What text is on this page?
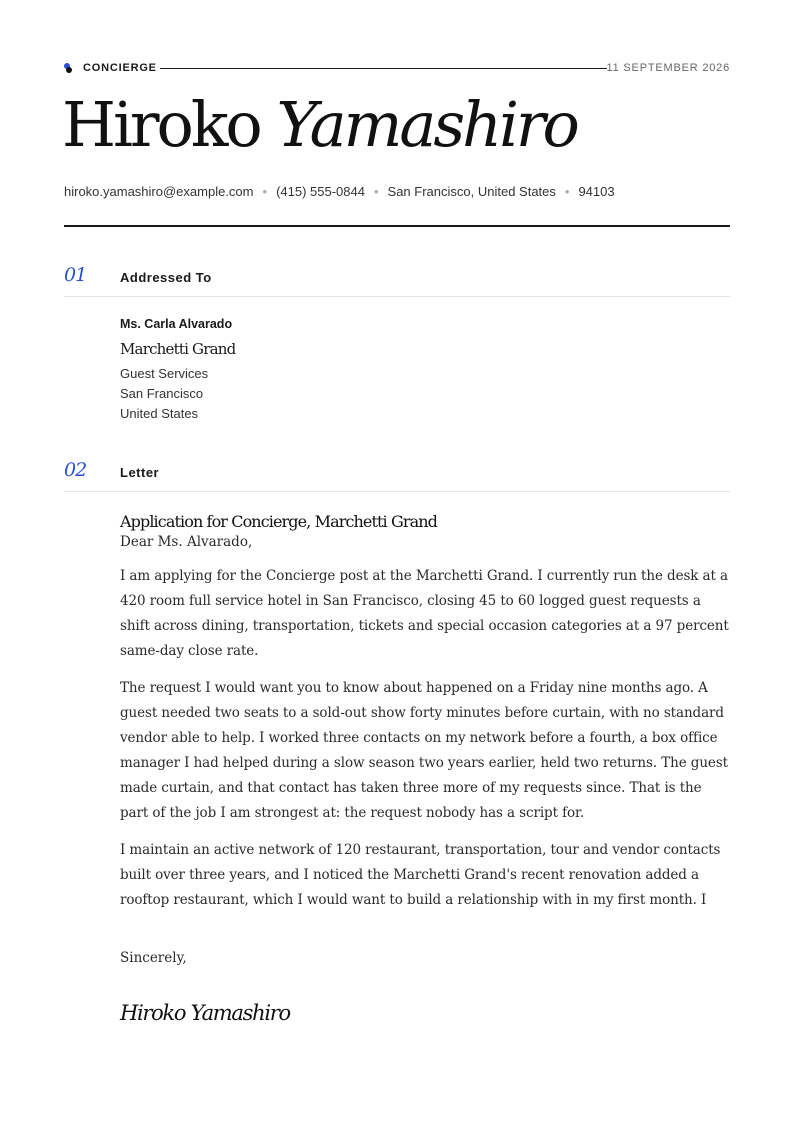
CONCIERGE	11 SEPTEMBER 2026
Hiroko Yamashiro
hiroko.yamashiro@example.com • (415) 555-0844 • San Francisco, United States • 94103
01	Addressed To
Ms. Carla Alvarado
Marchetti Grand
Guest Services
San Francisco
United States
02	Letter
Application for Concierge, Marchetti Grand
Dear Ms. Alvarado,

I am applying for the Concierge post at the Marchetti Grand. I currently run the desk at a 420 room full service hotel in San Francisco, closing 45 to 60 logged guest requests a shift across dining, transportation, tickets and special occasion categories at a 97 percent same-day close rate.

The request I would want you to know about happened on a Friday nine months ago. A guest needed two seats to a sold-out show forty minutes before curtain, with no standard vendor able to help. I worked three contacts on my network before a fourth, a box office manager I had helped during a slow season two years earlier, held two returns. The guest made curtain, and that contact has taken three more of my requests since. That is the part of the job I am strongest at: the request nobody has a script for.

I maintain an active network of 120 restaurant, transportation, tour and vendor contacts built over three years, and I noticed the Marchetti Grand's recent renovation added a rooftop restaurant, which I would want to build a relationship with in my first month. I

Sincerely,
Hiroko Yamashiro
